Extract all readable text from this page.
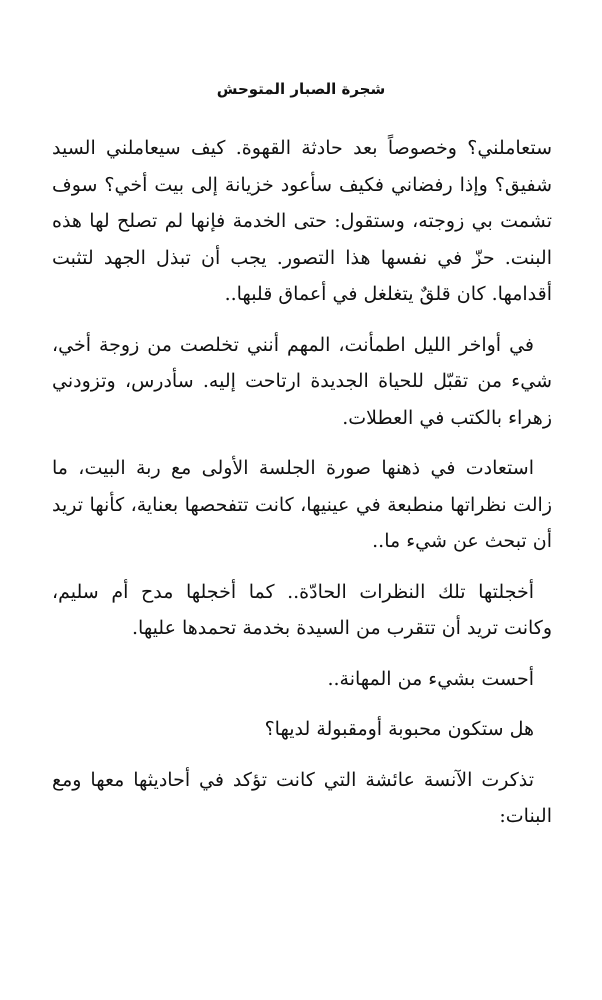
شجرة الصبار المتوحش

ستعاملني؟ وخصوصاً بعد حادثة القهوة. كيف سيعاملني السيد شفيق؟ وإذا رفضاني فكيف سأعود خزيانة إلى بيت أخي؟ سوف تشمت بي زوجته، وستقول: حتى الخدمة فإنها لم تصلح لها هذه البنت. حزّ في نفسها هذا التصور. يجب أن تبذل الجهد لتثبت أقدامها. كان قلقٌ يتغلغل في أعماق قلبها..

في أواخر الليل اطمأنت، المهم أنني تخلصت من زوجة أخي، شيء من تقبّل للحياة الجديدة ارتاحت إليه. سأدرس، وتزودني زهراء بالكتب في العطلات.

استعادت في ذهنها صورة الجلسة الأولى مع ربة البيت، ما زالت نظراتها منطبعة في عينيها، كانت تتفحصها بعناية، كأنها تريد أن تبحث عن شيء ما..

أخجلتها تلك النظرات الحادّة.. كما أخجلها مدح أم سليم، وكانت تريد أن تتقرب من السيدة بخدمة تحمدها عليها.

أحست بشيء من المهانة..

هل ستكون محبوبة أومقبولة لديها؟

تذكرت الآنسة عائشة التي كانت تؤكد في أحاديثها معها ومع البنات:
